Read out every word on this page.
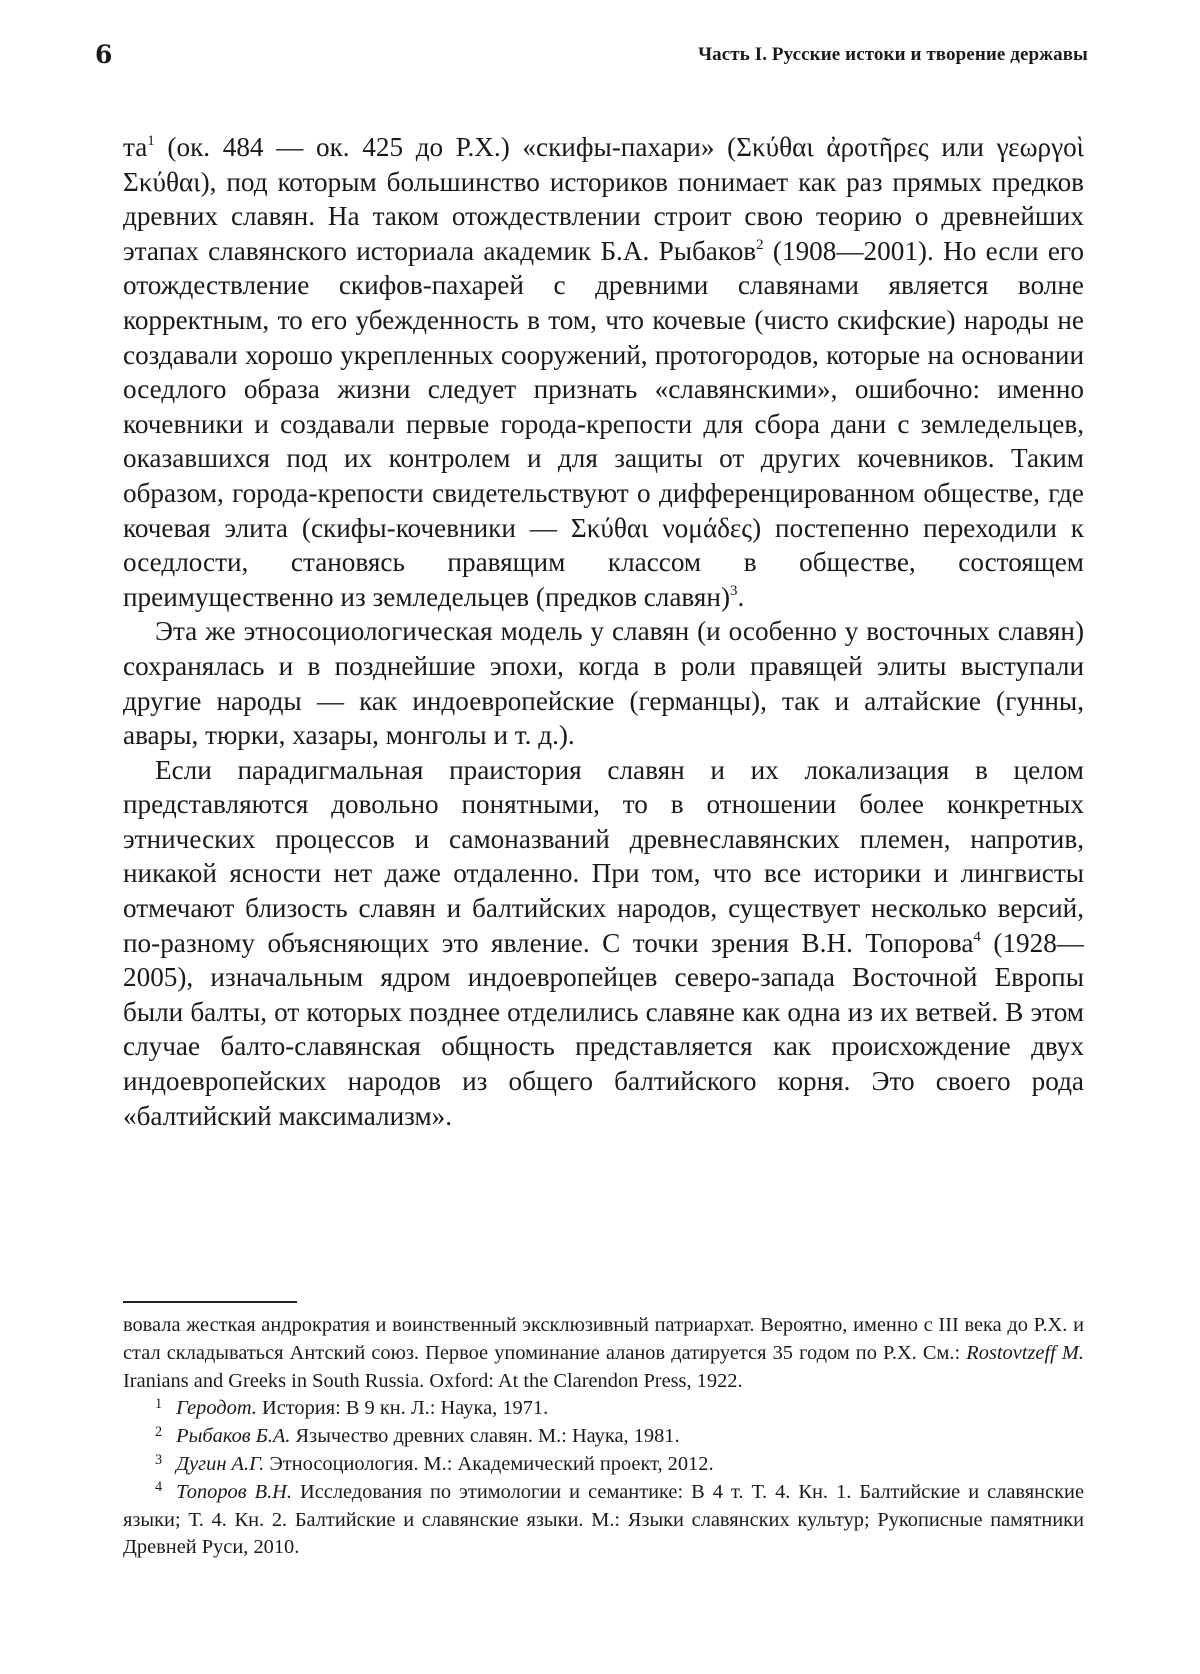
6	Часть I. Русские истоки и творение державы

та1 (ок. 484 — ок. 425 до Р.Х.) «скифы-пахари» (Σκύθαι ἀροτῆρες или γεωργοὶ Σκύθαι), под которым большинство историков понимает как раз прямых предков древних славян. На таком отождествлении строит свою теорию о древнейших этапах славянского историала академик Б.А. Рыбаков2 (1908—2001). Но если его отождествление скифов-пахарей с древними славянами является волне корректным, то его убежденность в том, что кочевые (чисто скифские) народы не создавали хорошо укрепленных сооружений, протогородов, которые на основании оседлого образа жизни следует признать «славянскими», ошибочно: именно кочевники и создавали первые города-крепости для сбора дани с земледельцев, оказавшихся под их контролем и для защиты от других кочевников. Таким образом, города-крепости свидетельствуют о дифференцированном обществе, где кочевая элита (скифы-кочевники — Σκύθαι νομάδες) постепенно переходили к оседлости, становясь правящим классом в обществе, состоящем преимущественно из земледельцев (предков славян)3.

Эта же этносоциологическая модель у славян (и особенно у восточных славян) сохранялась и в позднейшие эпохи, когда в роли правящей элиты выступали другие народы — как индоевропейские (германцы), так и алтайские (гунны, авары, тюрки, хазары, монголы и т. д.).

Если парадигмальная праистория славян и их локализация в целом представляются довольно понятными, то в отношении более конкретных этнических процессов и самоназваний древнеславянских племен, напротив, никакой ясности нет даже отдаленно. При том, что все историки и лингвисты отмечают близость славян и балтийских народов, существует несколько версий, по-разному объясняющих это явление. С точки зрения В.Н. Топорова4 (1928—2005), изначальным ядром индоевропейцев северо-запада Восточной Европы были балты, от которых позднее отделились славяне как одна из их ветвей. В этом случае балто-славянская общность представляется как происхождение двух индоевропейских народов из общего балтийского корня. Это своего рода «балтийский максимализм».

вовала жесткая андрократия и воинственный эксклюзивный патриархат. Вероятно, именно с III века до Р.Х. и стал складываться Антский союз. Первое упоминание аланов датируется 35 годом по Р.Х. См.: Rostovtzeff M. Iranians and Greeks in South Russia. Oxford: At the Clarendon Press, 1922.

1 Геродот. История: В 9 кн. Л.: Наука, 1971.

2 Рыбаков Б.А. Язычество древних славян. М.: Наука, 1981.

3 Дугин А.Г. Этносоциология. М.: Академический проект, 2012.

4 Топоров В.Н. Исследования по этимологии и семантике: В 4 т. Т. 4. Кн. 1. Балтийские и славянские языки; Т. 4. Кн. 2. Балтийские и славянские языки. М.: Языки славянских культур; Рукописные памятники Древней Руси, 2010.
